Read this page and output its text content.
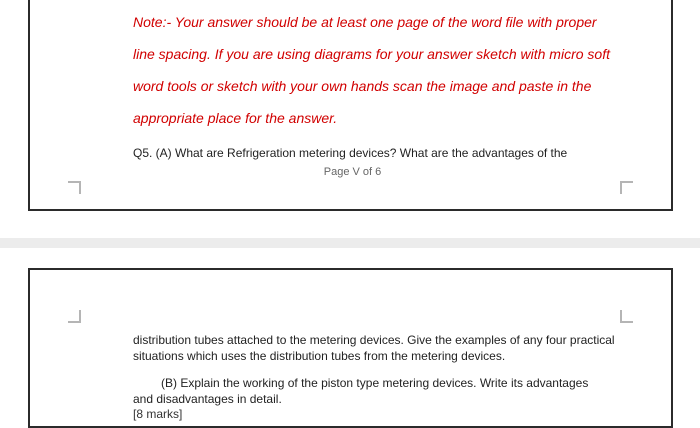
Note:- Your answer should be at least one page of the word file with proper
line spacing. If you are using diagrams for your answer sketch with micro soft
word tools or sketch with your own hands scan the image and paste in the
appropriate place for the answer.

Q5. (A) What are Refrigeration metering devices? What are the advantages of the

Page V of 6

distribution tubes attached to the metering devices. Give the examples of any four practical situations which uses the distribution tubes from the metering devices.

(B) Explain the working of the piston type metering devices. Write its advantages
and disadvantages in detail.

[8 marks]
